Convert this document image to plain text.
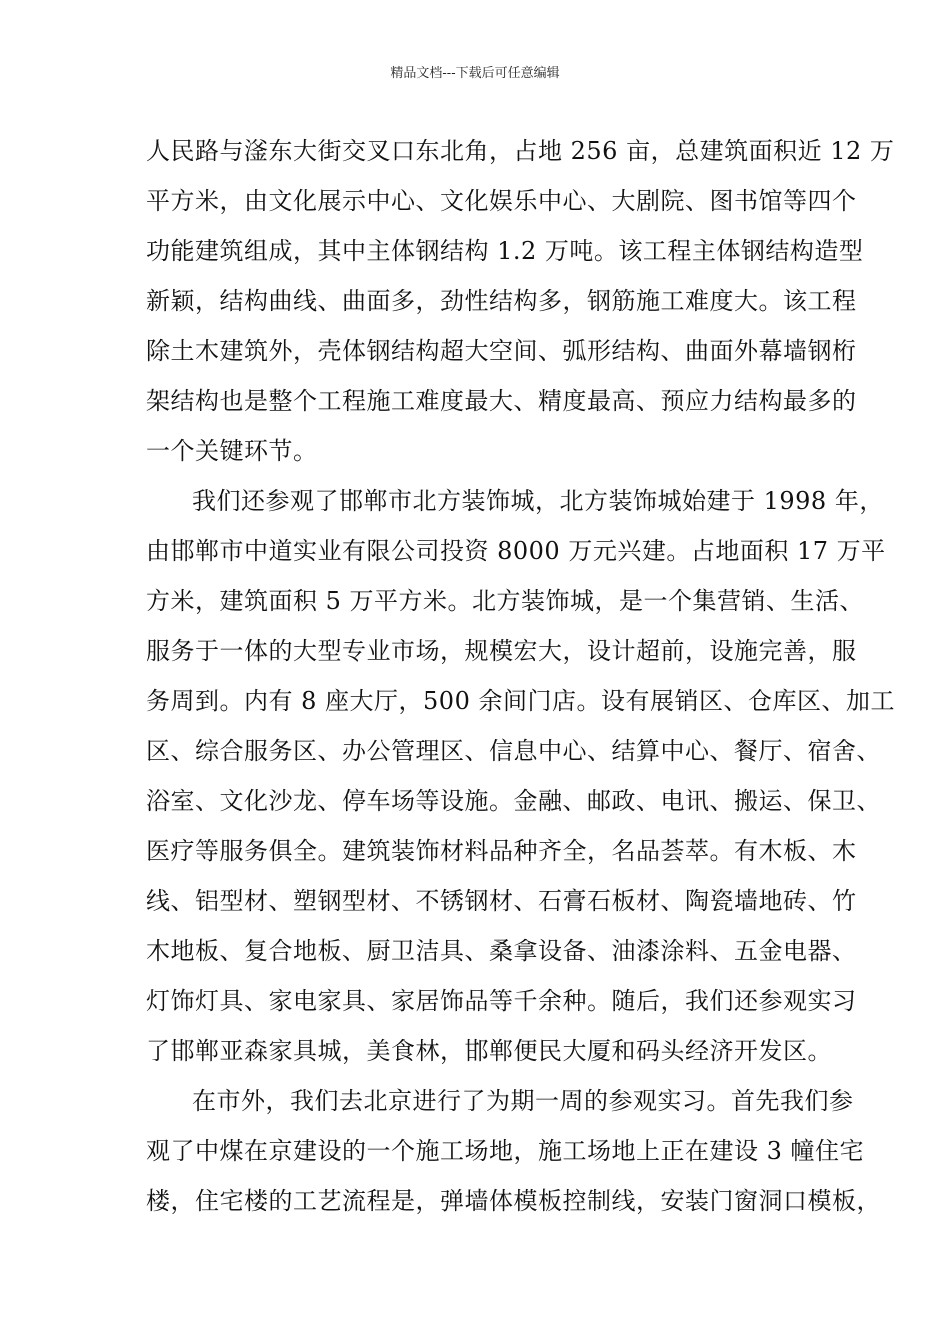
精品文档---下载后可任意编辑
人民路与滏东大街交叉口东北角，占地 256 亩，总建筑面积近 12 万
平方米，由文化展示中心、文化娱乐中心、大剧院、图书馆等四个
功能建筑组成，其中主体钢结构 1.2 万吨。该工程主体钢结构造型
新颖，结构曲线、曲面多，劲性结构多，钢筋施工难度大。该工程
除土木建筑外，壳体钢结构超大空间、弧形结构、曲面外幕墙钢桁
架结构也是整个工程施工难度最大、精度最高、预应力结构最多的
一个关键环节。
我们还参观了邯郸市北方装饰城，北方装饰城始建于 1998 年，
由邯郸市中道实业有限公司投资 8000 万元兴建。占地面积 17 万平
方米，建筑面积 5 万平方米。北方装饰城，是一个集营销、生活、
服务于一体的大型专业市场，规模宏大，设计超前，设施完善，服
务周到。内有 8 座大厅，500 余间门店。设有展销区、仓库区、加工
区、综合服务区、办公管理区、信息中心、结算中心、餐厅、宿舍、
浴室、文化沙龙、停车场等设施。金融、邮政、电讯、搬运、保卫、
医疗等服务俱全。建筑装饰材料品种齐全，名品荟萃。有木板、木
线、铝型材、塑钢型材、不锈钢材、石膏石板材、陶瓷墙地砖、竹
木地板、复合地板、厨卫洁具、桑拿设备、油漆涂料、五金电器、
灯饰灯具、家电家具、家居饰品等千余种。随后，我们还参观实习
了邯郸亚森家具城，美食林，邯郸便民大厦和码头经济开发区。
在市外，我们去北京进行了为期一周的参观实习。首先我们参
观了中煤在京建设的一个施工场地，施工场地上正在建设 3 幢住宅
楼，住宅楼的工艺流程是，弹墙体模板控制线，安装门窗洞口模板，
